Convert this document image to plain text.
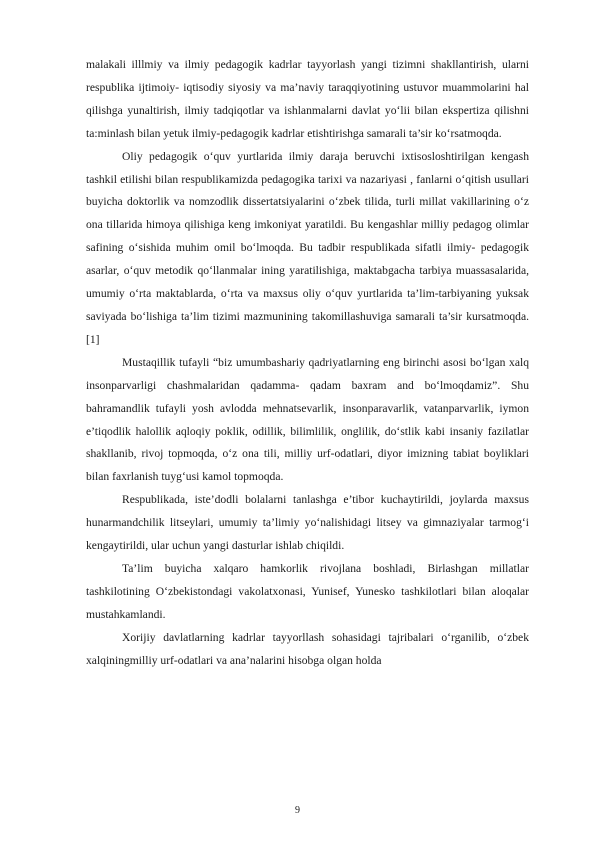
malakali illlmiy va ilmiy pedagogik kadrlar tayyorlash yangi tizimni shakllantirish, ularni respublika ijtimoiy- iqtisodiy siyosiy va ma’naviy taraqqiyotining ustuvor muammolarini hal qilishga yunaltirish, ilmiy tadqiqotlar va ishlanmalarni davlat yo‘lii bilan ekspertiza qilishni ta:minlash bilan yetuk ilmiy-pedagogik kadrlar etishtirishga samarali ta’sir ko‘rsatmoqda.

Oliy pedagogik o‘quv yurtlarida ilmiy daraja beruvchi ixtisosloshtirilgan kengash tashkil etilishi bilan respublikamizda pedagogika tarixi va nazariyasi , fanlarni o‘qitish usullari buyicha doktorlik va nomzodlik dissertatsiyalarini o‘zbek tilida, turli millat vakillarining o‘z ona tillarida himoya qilishiga keng imkoniyat yaratildi. Bu kengashlar milliy pedagog olimlar safining o‘sishida muhim omil bo‘lmoqda. Bu tadbir respublikada sifatli ilmiy- pedagogik asarlar, o‘quv metodik qo‘llanmalar ining yaratilishiga, maktabgacha tarbiya muassasalarida, umumiy o‘rta maktablarda, o‘rta va maxsus oliy o‘quv yurtlarida ta’lim-tarbiyaning yuksak saviyada bo‘lishiga ta’lim tizimi mazmunining takomillashuviga samarali ta’sir kursatmoqda. [1]

Mustaqillik tufayli “biz umumbashariy qadriyatlarning eng birinchi asosi bo‘lgan xalq insonparvarligi chashmalaridan qadamma- qadam baxram and bo‘lmoqdamiz”. Shu bahramandlik tufayli yosh avlodda mehnatsevarlik, insonparavarlik, vatanparvarlik, iymon e’tiqodlik halollik aqloqiy poklik, odillik, bilimlilik, onglilik, do‘stlik kabi insaniy fazilatlar shakllanib, rivoj topmoqda, o‘z ona tili, milliy urf-odatlari, diyor imizning tabiat boyliklari bilan faxrlanish tuyg‘usi kamol topmoqda.

Respublikada, iste’dodli bolalarni tanlashga e’tibor kuchaytirildi, joylarda maxsus hunarmandchilik litseylari, umumiy ta’limiy yo‘nalishidagi litsey va gimnaziyalar tarmog‘i kengaytirildi, ular uchun yangi dasturlar ishlab chiqildi.

Ta’lim buyicha xalqaro hamkorlik rivojlana boshladi, Birlashgan millatlar tashkilotining O‘zbekistondagi vakolatxonasi, Yunisef, Yunesko tashkilotlari bilan aloqalar mustahkamlandi.

Xorijiy davlatlarning kadrlar tayyorllash sohasidagi tajribalari o‘rganilib, o‘zbek xalqiningmilliy urf-odatlari va ana’nalarini hisobga olgan holda

9
